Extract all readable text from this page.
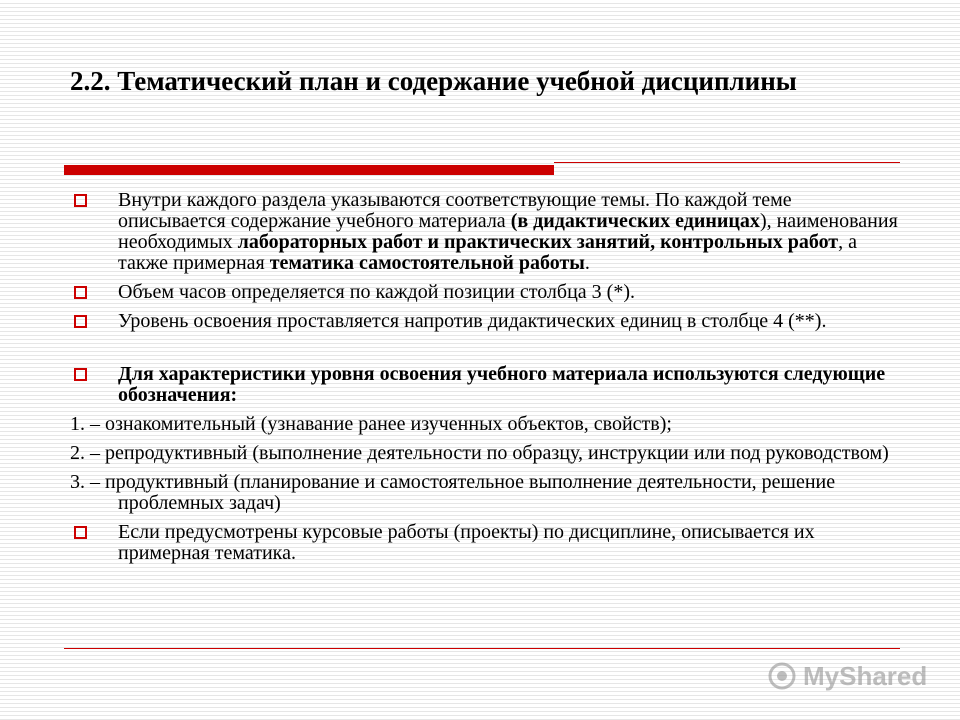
2.2. Тематический план и содержание учебной дисциплины
Внутри каждого раздела указываются соответствующие темы. По каждой теме описывается содержание учебного материала (в дидактических единицах), наименования необходимых лабораторных работ и практических занятий, контрольных работ, а также примерная тематика самостоятельной работы.
Объем часов определяется по каждой позиции столбца 3 (*).
Уровень освоения проставляется напротив дидактических единиц в столбце 4 (**).
Для характеристики уровня освоения учебного материала используются следующие обозначения:
1. – ознакомительный (узнавание ранее изученных объектов, свойств);
2. – репродуктивный (выполнение деятельности по образцу, инструкции или под руководством)
3. – продуктивный (планирование и самостоятельное выполнение деятельности, решение проблемных задач)
Если предусмотрены курсовые работы (проекты) по дисциплине, описывается их примерная тематика.
MyShared
